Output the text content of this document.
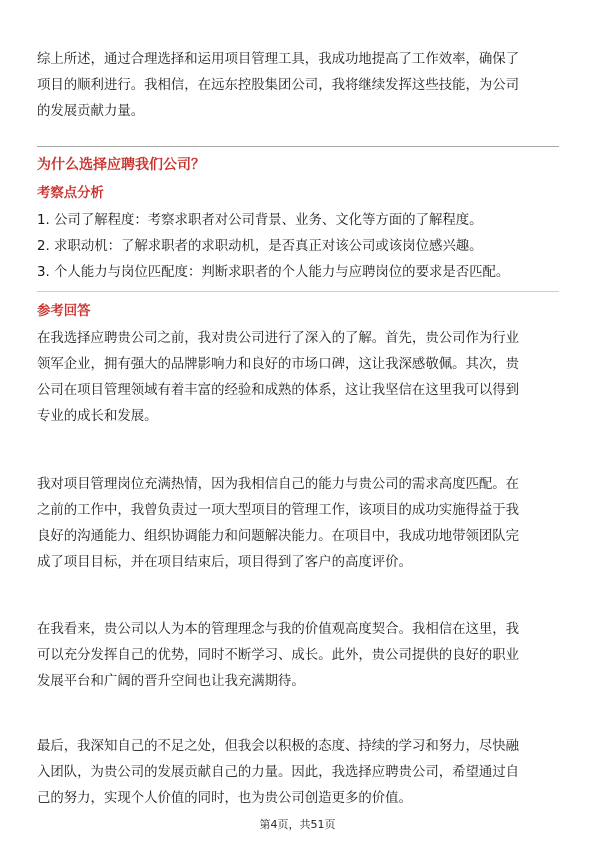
综上所述，通过合理选择和运用项目管理工具，我成功地提高了工作效率，确保了
项目的顺利进行。我相信，在远东控股集团公司，我将继续发挥这些技能，为公司
的发展贡献力量。
为什么选择应聘我们公司？
考察点分析
1. 公司了解程度：考察求职者对公司背景、业务、文化等方面的了解程度。
2. 求职动机：了解求职者的求职动机，是否真正对该公司或该岗位感兴趣。
3. 个人能力与岗位匹配度：判断求职者的个人能力与应聘岗位的要求是否匹配。
参考回答
在我选择应聘贵公司之前，我对贵公司进行了深入的了解。首先，贵公司作为行业
领军企业，拥有强大的品牌影响力和良好的市场口碑，这让我深感敬佩。其次，贵
公司在项目管理领域有着丰富的经验和成熟的体系，这让我坚信在这里我可以得到
专业的成长和发展。
我对项目管理岗位充满热情，因为我相信自己的能力与贵公司的需求高度匹配。在
之前的工作中，我曾负责过一项大型项目的管理工作，该项目的成功实施得益于我
良好的沟通能力、组织协调能力和问题解决能力。在项目中，我成功地带领团队完
成了项目目标，并在项目结束后，项目得到了客户的高度评价。
在我看来，贵公司以人为本的管理理念与我的价值观高度契合。我相信在这里，我
可以充分发挥自己的优势，同时不断学习、成长。此外，贵公司提供的良好的职业
发展平台和广阔的晋升空间也让我充满期待。
最后，我深知自己的不足之处，但我会以积极的态度、持续的学习和努力，尽快融
入团队，为贵公司的发展贡献自己的力量。因此，我选择应聘贵公司，希望通过自
己的努力，实现个人价值的同时，也为贵公司创造更多的价值。
第4页，共51页
